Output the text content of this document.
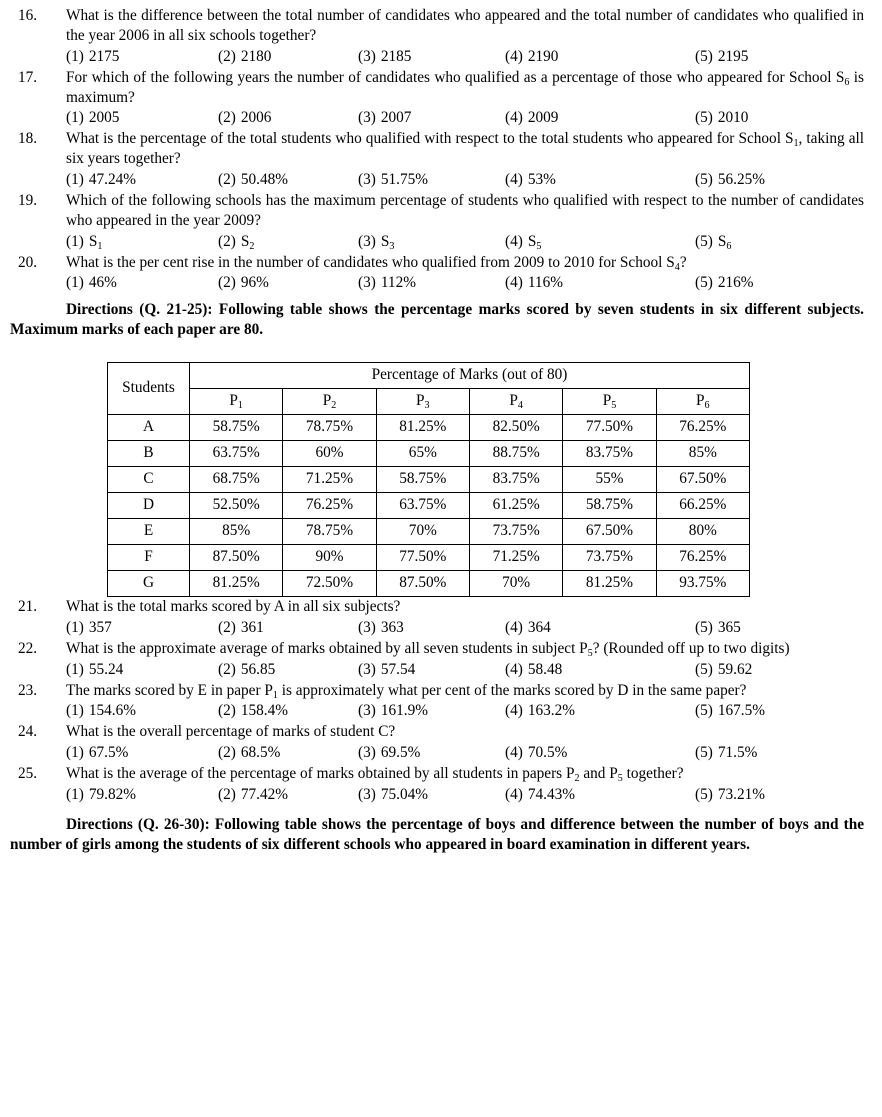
16.	What is the difference between the total number of candidates who appeared and the total number of candidates who qualified in the year 2006 in all six schools together?

(1) 2175	(2) 2180	(3) 2185	(4) 2190	(5) 2195
17.	For which of the following years the number of candidates who qualified as a percentage of those who appeared for School $S_6$ is maximum?

(1) 2005	(2) 2006	(3) 2007	(4) 2009	(5) 2010
18.	What is the percentage of the total students who qualified with respect to the total students who appeared for School $S_1$, taking all six years together?

(1) 47.24%	(2) 50.48%	(3) 51.75%	(4) 53%	(5) 56.25%
19.	Which of the following schools has the maximum percentage of students who qualified with respect to the number of candidates who appeared in the year 2009?

(1) $S_1$	(2) $S_2$	(3) $S_3$	(4) $S_5$	(5) $S_6$
20.	What is the per cent rise in the number of candidates who qualified from 2009 to 2010 for School $S_4$?

(1) 46%	(2) 96%	(3) 112%	(4) 116%	(5) 216%

Directions (Q. 21-25): Following table shows the percentage marks scored by seven students in six different subjects. Maximum marks of each paper are 80.

Students	Percentage of Marks (out of 80)					
	$P_1$	$P_2$	$P_3$	$P_4$	$P_5$	$P_6$
A	58.75%	78.75%	81.25%	82.50%	77.50%	76.25%
B	63.75%	60%	65%	88.75%	83.75%	85%
C	68.75%	71.25%	58.75%	83.75%	55%	67.50%
D	52.50%	76.25%	63.75%	61.25%	58.75%	66.25%
E	85%	78.75%	70%	73.75%	67.50%	80%
F	87.50%	90%	77.50%	71.25%	73.75%	76.25%
G	81.25%	72.50%	87.50%	70%	81.25%	93.75%
21.	What is the total marks scored by A in all six subjects?

(1) 357	(2) 361	(3) 363	(4) 364	(5) 365
22.	What is the approximate average of marks obtained by all seven students in subject $P_5$? (Rounded off up to two digits)

(1) 55.24	(2) 56.85	(3) 57.54	(4) 58.48	(5) 59.62
23.	The marks scored by E in paper $P_1$ is approximately what per cent of the marks scored by D in the same paper?

(1) 154.6%	(2) 158.4%	(3) 161.9%	(4) 163.2%	(5) 167.5%
24.	What is the overall percentage of marks of student C?

(1) 67.5%	(2) 68.5%	(3) 69.5%	(4) 70.5%	(5) 71.5%
25.	What is the average of the percentage of marks obtained by all students in papers $P_2$ and $P_5$ together?

(1) 79.82%	(2) 77.42%	(3) 75.04%	(4) 74.43%	(5) 73.21%

Directions (Q. 26-30): Following table shows the percentage of boys and difference between the number of boys and the number of girls among the students of six different schools who appeared in board examination in different years.
